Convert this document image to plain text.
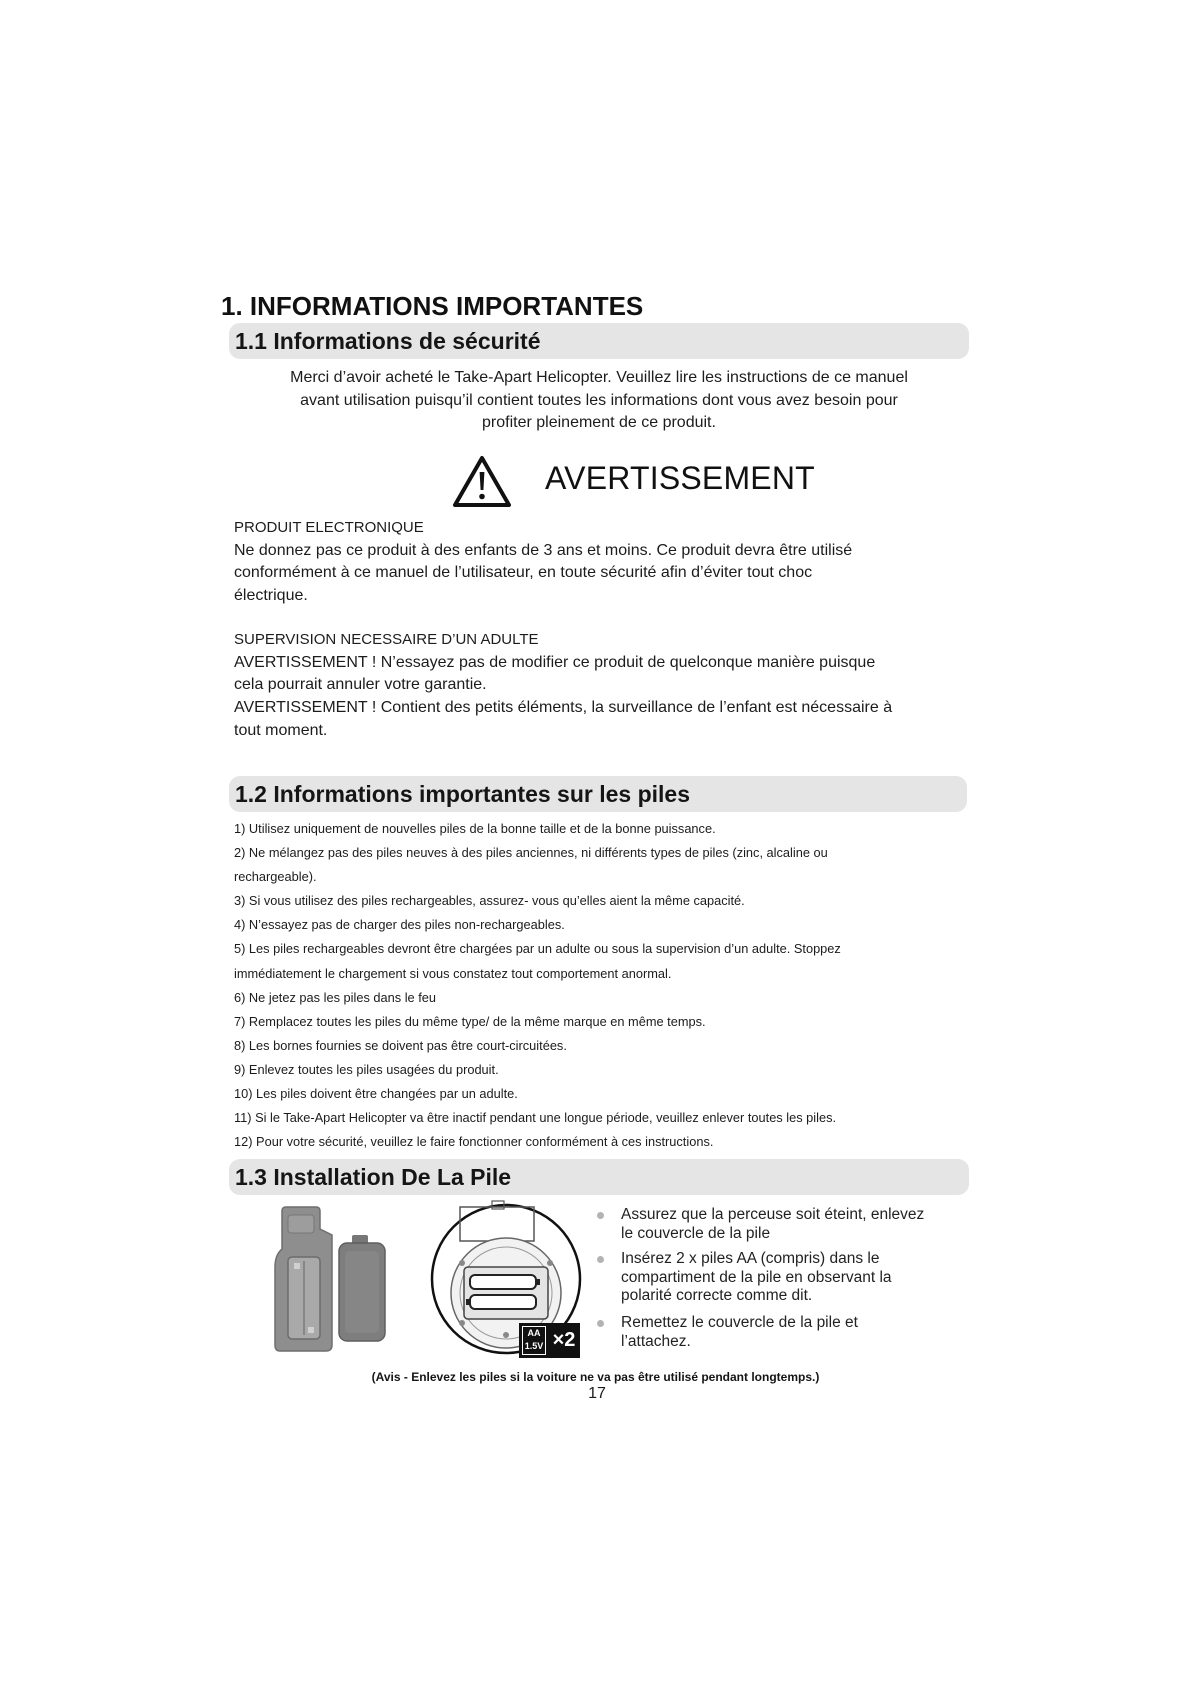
1. INFORMATIONS IMPORTANTES
1.1 Informations de sécurité
Merci d’avoir acheté le Take-Apart Helicopter. Veuillez lire les instructions de ce manuel
avant utilisation puisqu’il contient toutes les informations dont vous avez besoin pour
profiter pleinement de ce produit.
AVERTISSEMENT
PRODUIT ELECTRONIQUE
Ne donnez pas ce produit à des enfants de 3 ans et moins. Ce produit devra être utilisé
conformément à ce manuel de l’utilisateur, en toute sécurité afin d’éviter tout choc
électrique.
SUPERVISION NECESSAIRE D’UN ADULTE
AVERTISSEMENT ! N’essayez pas de modifier ce produit de quelconque manière puisque
cela pourrait annuler votre garantie.
AVERTISSEMENT ! Contient des petits éléments, la surveillance de l’enfant est nécessaire à
tout moment.
1.2 Informations importantes sur les piles
1) Utilisez uniquement de nouvelles piles de la bonne taille et de la bonne puissance.
2) Ne mélangez pas des piles neuves à des piles anciennes, ni différents types de piles (zinc, alcaline ou
rechargeable).
3) Si vous utilisez des piles rechargeables, assurez- vous qu’elles aient la même capacité.
4) N’essayez pas de charger des piles non-rechargeables.
5) Les piles rechargeables devront être chargées par un adulte ou sous la supervision d’un adulte. Stoppez
immédiatement le chargement si vous constatez tout comportement anormal.
6) Ne jetez pas les piles dans le feu
7) Remplacez toutes les piles du même type/ de la même marque en même temps.
8) Les bornes fournies se doivent pas être court-circuitées.
9) Enlevez toutes les piles usagées du produit.
10) Les piles doivent être changées par un adulte.
11) Si le Take-Apart Helicopter va être inactif pendant une longue période, veuillez enlever toutes les piles.
12) Pour votre sécurité, veuillez le faire fonctionner conformément à ces instructions.
1.3 Installation De La Pile
AA
1.5V ×2
Assurez que la perceuse soit éteint, enlevez
le couvercle de la pile
Insérez 2 x piles AA (compris) dans le
compartiment de la pile en observant la
polarité correcte comme dit.
Remettez le couvercle de la pile et
l’attachez.
(Avis - Enlevez les piles si la voiture ne va pas être utilisé pendant longtemps.)
17
